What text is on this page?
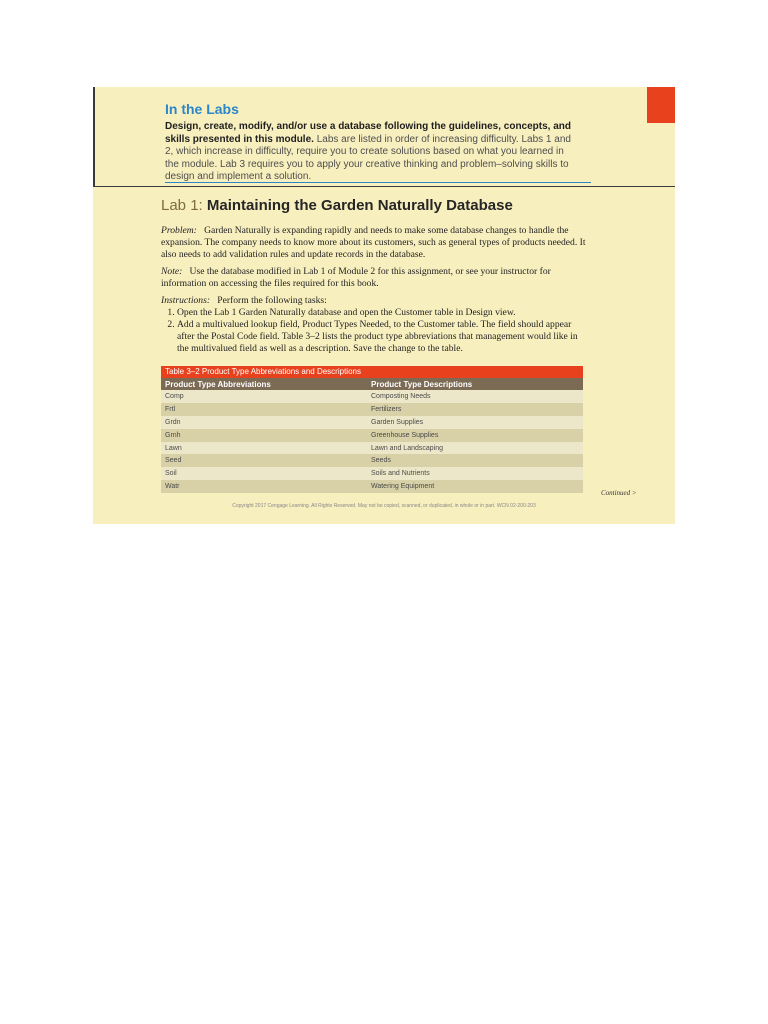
In the Labs
Design, create, modify, and/or use a database following the guidelines, concepts, and skills presented in this module. Labs are listed in order of increasing difficulty. Labs 1 and 2, which increase in difficulty, require you to create solutions based on what you learned in the module. Lab 3 requires you to apply your creative thinking and problem–solving skills to design and implement a solution.
Lab 1: Maintaining the Garden Naturally Database
Problem: Garden Naturally is expanding rapidly and needs to make some database changes to handle the expansion. The company needs to know more about its customers, such as general types of products needed. It also needs to add validation rules and update records in the database.
Note: Use the database modified in Lab 1 of Module 2 for this assignment, or see your instructor for information on accessing the files required for this book.
Instructions: Perform the following tasks:
1. Open the Lab 1 Garden Naturally database and open the Customer table in Design view.
2. Add a multivalued lookup field, Product Types Needed, to the Customer table. The field should appear after the Postal Code field. Table 3–2 lists the product type abbreviations that management would like in the multivalued field as well as a description. Save the change to the table.
Table 3–2 Product Type Abbreviations and Descriptions
Product Type Abbreviations	Product Type Descriptions
Comp	Composting Needs
Frtl	Fertilizers
Grdn	Garden Supplies
Grnh	Greenhouse Supplies
Lawn	Lawn and Landscaping
Seed	Seeds
Soil	Soils and Nutrients
Watr	Watering Equipment
Continued >
Copyright 2017 Cengage Learning. All Rights Reserved. May not be copied, scanned, or duplicated, in whole or in part. WCN 02-200-203
